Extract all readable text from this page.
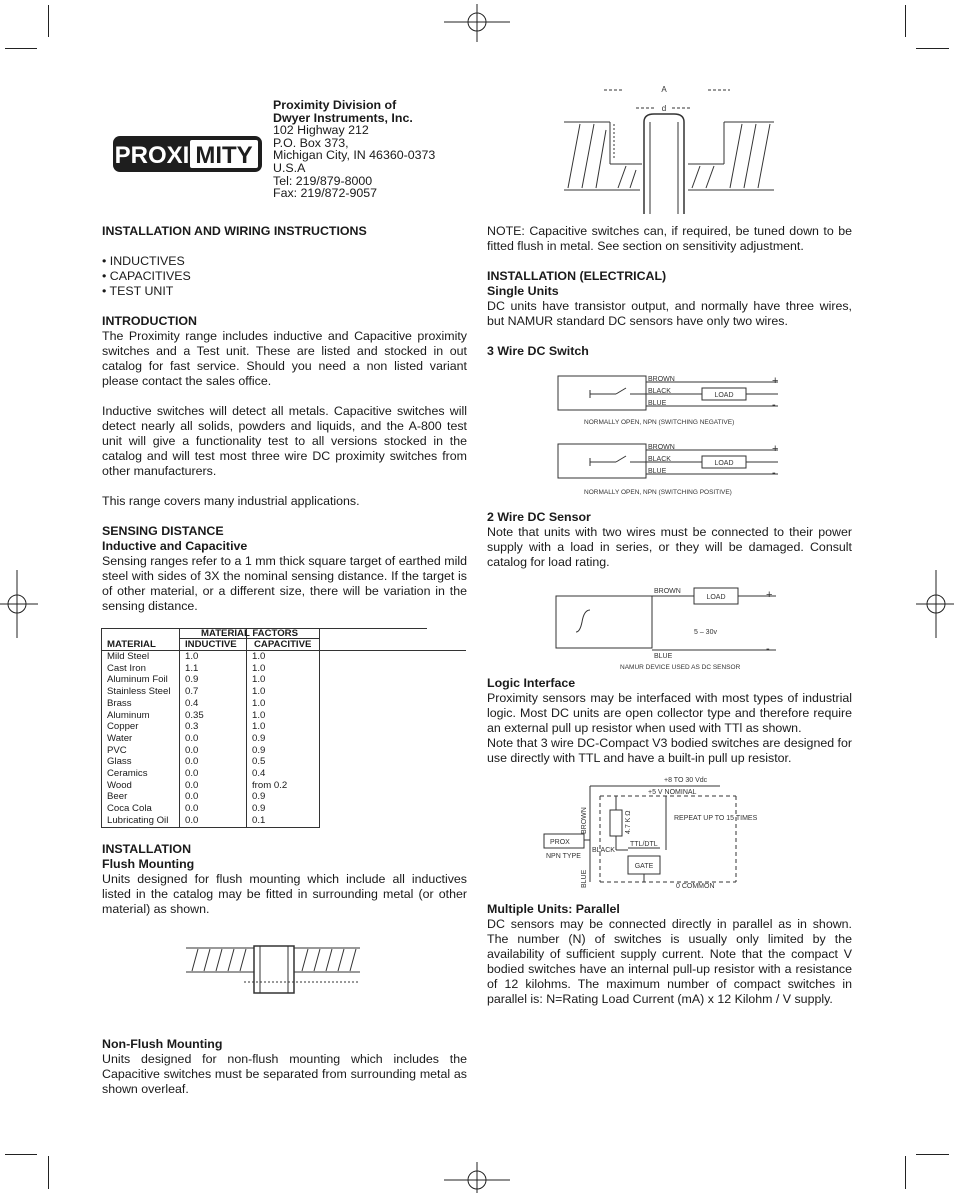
PROXI MITY
Proximity Division of
Dwyer Instruments, Inc.
102 Highway 212
P.O. Box 373,
Michigan City, IN 46360-0373
U.S.A
Tel: 219/879-8000
Fax: 219/872-9057

INSTALLATION AND WIRING INSTRUCTIONS

• INDUCTIVES
• CAPACITIVES
• TEST UNIT

INTRODUCTION

The Proximity range includes inductive and Capacitive proximity switches and a Test unit. These are listed and stocked in out catalog for fast service. Should you need a non listed variant please contact the sales office.

Inductive switches will detect all metals. Capacitive switches will detect nearly all solids, powders and liquids, and the A-800 test unit will give a functionality test to all versions stocked in the catalog and will test most three wire DC proximity switches from other manufacturers.

This range covers many industrial applications.

SENSING DISTANCE

Inductive and Capacitive

Sensing ranges refer to a 1 mm thick square target of earthed mild steel with sides of 3X the nominal sensing distance. If the target is of other material, or a different size, there will be variation in the sensing distance.

MATERIAL FACTORS
MATERIAL	INDUCTIVE CAPACITIVE
Mild Steel	1.0	1.0
Cast Iron	1.1	1.0
Aluminum Foil	0.9	1.0
Stainless Steel	0.7	1.0
Brass	0.4	1.0
Aluminum	0.35	1.0
Copper	0.3	1.0
Water	0.0	0.9
PVC	0.0	0.9
Glass	0.0	0.5
Ceramics	0.0	0.4
Wood	0.0	from 0.2
Beer	0.0	0.9
Coca Cola	0.0	0.9
Lubricating Oil	0.0	0.1

INSTALLATION

Flush Mounting

Units designed for flush mounting which include all inductives listed in the catalog may be fitted in surrounding metal (or other material) as shown.

Non-Flush Mounting

Units designed for non-flush mounting which includes the Capacitive switches must be separated from surrounding metal as shown overleaf.

A
d

NOTE: Capacitive switches can, if required, be tuned down to be fitted flush in metal. See section on sensitivity adjustment.

INSTALLATION (ELECTRICAL)

Single Units

DC units have transistor output, and normally have three wires, but NAMUR standard DC sensors have only two wires.

3 Wire DC Switch

BROWN
BLACK
BLUE
LOAD
+
-
NORMALLY OPEN, NPN (SWITCHING NEGATIVE)
BROWN
BLACK
BLUE
LOAD
+
-
NORMALLY OPEN, NPN (SWITCHING POSITIVE)

2 Wire DC Sensor

Note that units with two wires must be connected to their power supply with a load in series, or they will be damaged. Consult catalog for load rating.

BROWN
LOAD	+
5 – 30v
-
BLUE
NAMUR DEVICE USED AS DC SENSOR

Logic Interface

Proximity sensors may be interfaced with most types of industrial logic. Most DC units are open collector type and therefore require an external pull up resistor when used with TTl as shown.

Note that 3 wire DC-Compact V3 bodied switches are designed for use directly with TTL and have a built-in pull up resistor.

+8 TO 30 Vdc
+5 V NOMINAL
BROWN	4.7 K Ω	REPEAT UP TO 15 TIMES
PROX
NPN TYPE
BLACK
TTL/DTL
GATE
BLUE	0 COMMON

Multiple Units: Parallel

DC sensors may be connected directly in parallel as in shown. The number (N) of switches is usually only limited by the availability of sufficient supply current. Note that the compact V bodied switches have an internal pull-up resistor with a resistance of 12 kilohms. The maximum number of compact switches in parallel is: N=Rating Load Current (mA) x 12 Kilohm / V supply.
